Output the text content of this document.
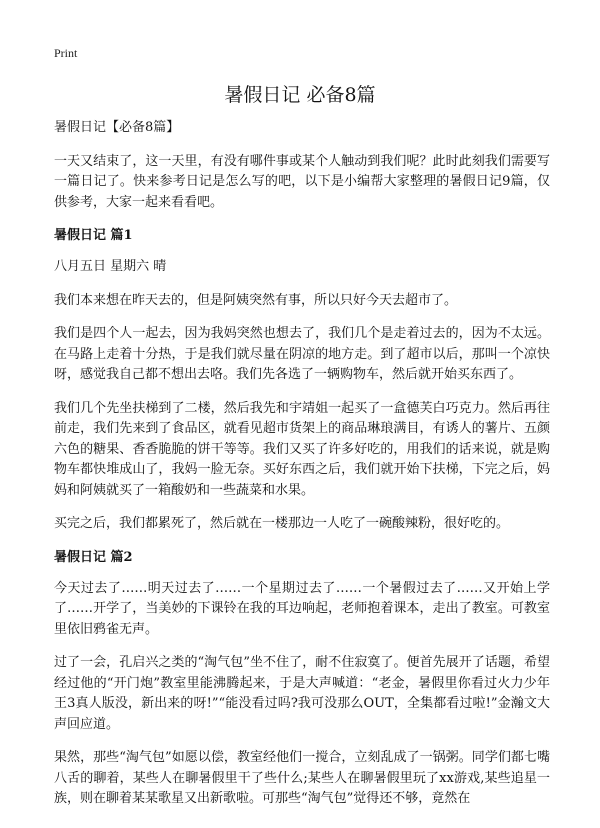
Print
暑假日记 必备8篇

暑假日记【必备8篇】

一天又结束了，这一天里，有没有哪件事或某个人触动到我们呢？此时此刻我们需要写一篇日记了。快来参考日记是怎么写的吧，以下是小编帮大家整理的暑假日记9篇，仅供参考，大家一起来看看吧。

暑假日记 篇1

八月五日 星期六 晴

我们本来想在昨天去的，但是阿姨突然有事，所以只好今天去超市了。

我们是四个人一起去，因为我妈突然也想去了，我们几个是走着过去的，因为不太远。在马路上走着十分热，于是我们就尽量在阴凉的地方走。到了超市以后，那叫一个凉快呀，感觉我自己都不想出去咯。我们先各选了一辆购物车，然后就开始买东西了。

我们几个先坐扶梯到了二楼，然后我先和宇靖姐一起买了一盒德芙白巧克力。然后再往前走，我们先来到了食品区，就看见超市货架上的商品琳琅满目，有诱人的薯片、五颜六色的糖果、香香脆脆的饼干等等。我们又买了许多好吃的，用我们的话来说，就是购物车都快堆成山了，我妈一脸无奈。买好东西之后，我们就开始下扶梯，下完之后，妈妈和阿姨就买了一箱酸奶和一些蔬菜和水果。

买完之后，我们都累死了，然后就在一楼那边一人吃了一碗酸辣粉，很好吃的。

暑假日记 篇2

今天过去了……明天过去了……一个星期过去了……一个暑假过去了……又开始上学了……开学了，当美妙的下课铃在我的耳边响起，老师抱着课本，走出了教室。可教室里依旧鸦雀无声。

过了一会，孔启兴之类的“淘气包”坐不住了，耐不住寂寞了。便首先展开了话题，希望经过他的“开门炮”教室里能沸腾起来，于是大声喊道：“老金，暑假里你看过火力少年王3真人版没，新出来的呀!”“能没看过吗?我可没那么OUT，全集都看过啦!”金瀚文大声回应道。

果然，那些“淘气包”如愿以偿，教室经他们一搅合，立刻乱成了一锅粥。同学们都七嘴八舌的聊着，某些人在聊暑假里干了些什么;某些人在聊暑假里玩了xx游戏,某些追星一族，则在聊着某某歌星又出新歌啦。可那些“淘气包”觉得还不够，竟然在
